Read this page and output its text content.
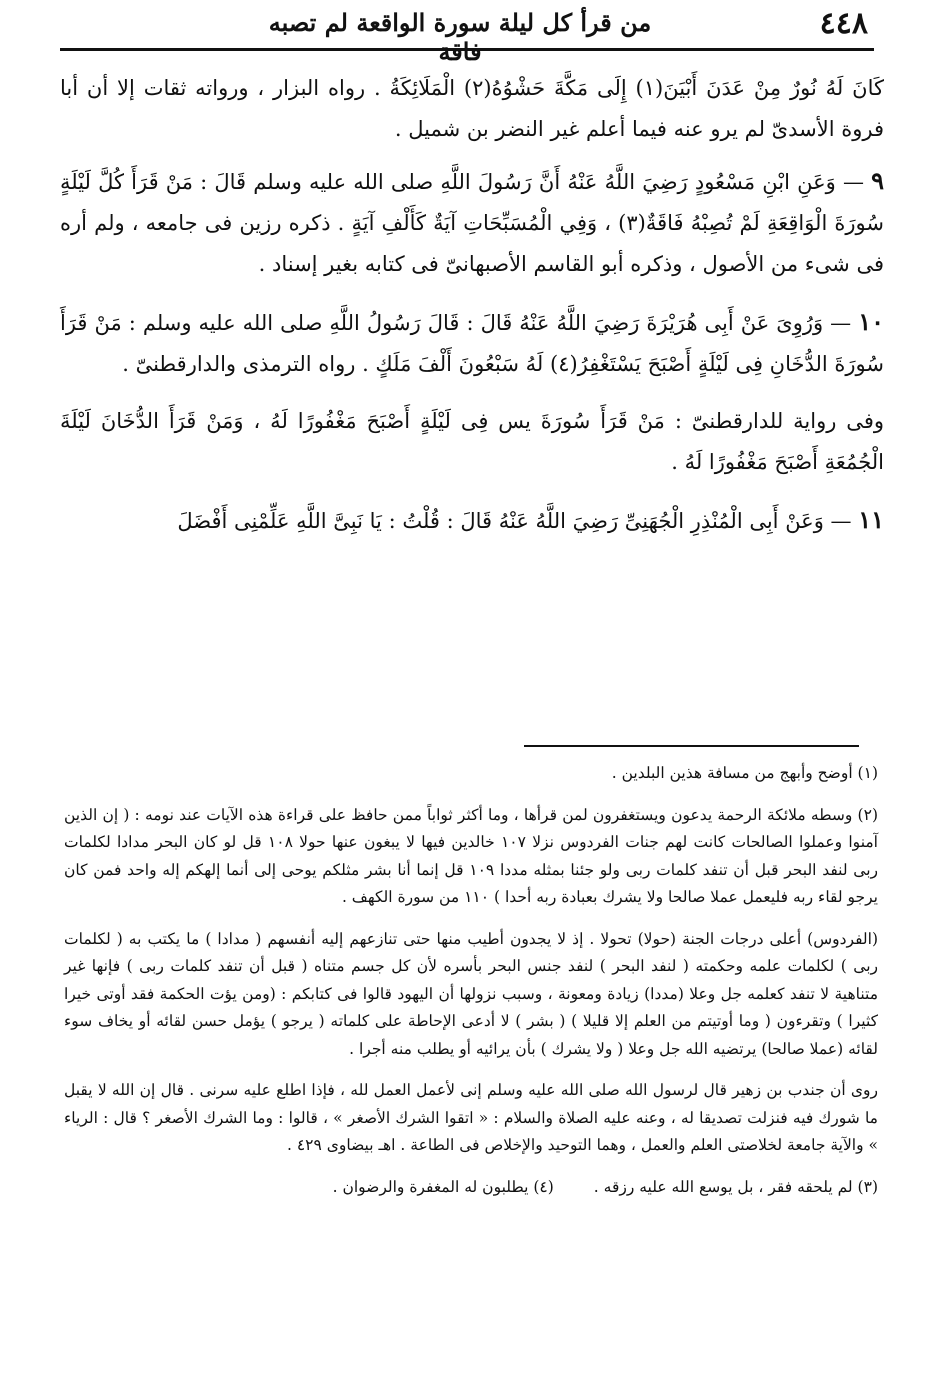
٤٤٨
من قرأ كل ليلة سورة الواقعة لم تصبه فاقة

كَانَ لَهُ نُورٌ مِنْ عَدَنَ أَبْيَنَ(١) إِلَى مَكَّةَ حَشْوُهُ(٢) الْمَلَائِكَةُ . رواه البزار ، ورواته ثقات إلا أن أبا فروة الأسدىّ لم يرو عنه فيما أعلم غير النضر بن شميل .

٩ — وَعَنِ ابْنِ مَسْعُودٍ رَضِيَ اللَّهُ عَنْهُ أَنَّ رَسُولَ اللَّهِ صلى الله عليه وسلم قَالَ : مَنْ قَرَأَ كُلَّ لَيْلَةٍ سُورَةَ الْوَاقِعَةِ لَمْ تُصِبْهُ فَاقَةٌ(٣) ، وَفِي الْمُسَبِّحَاتِ آيَةٌ كَأَلْفِ آيَةٍ . ذكره رزين فى جامعه ، ولم أره فى شىء من الأصول ، وذكره أبو القاسم الأصبهانىّ فى كتابه بغير إسناد .

١٠ — وَرُوِىَ عَنْ أَبِى هُرَيْرَةَ رَضِيَ اللَّهُ عَنْهُ قَالَ : قَالَ رَسُولُ اللَّهِ صلى الله عليه وسلم : مَنْ قَرَأَ سُورَةَ الدُّخَانِ فِى لَيْلَةٍ أَصْبَحَ يَسْتَغْفِرُ(٤) لَهُ سَبْعُونَ أَلْفَ مَلَكٍ . رواه الترمذى والدارقطنىّ .

وفى رواية للدارقطنىّ : مَنْ قَرَأَ سُورَةَ يس فِى لَيْلَةٍ أَصْبَحَ مَغْفُورًا لَهُ ، وَمَنْ قَرَأَ الدُّخَانَ لَيْلَةَ الْجُمُعَةِ أَصْبَحَ مَغْفُورًا لَهُ .

١١ — وَعَنْ أَبِى الْمُنْذِرِ الْجُهَنِىِّ رَضِيَ اللَّهُ عَنْهُ قَالَ : قُلْتُ : يَا نَبِىَّ اللَّهِ عَلِّمْنِى أَفْضَلَ

(١) أوضح وأبهج من مسافة هذين البلدين .

(٢) وسطه ملائكة الرحمة يدعون ويستغفرون لمن قرأها ، وما أكثر ثواباً ممن حافظ على قراءة هذه الآيات عند نومه : ( إن الذين آمنوا وعملوا الصالحات كانت لهم جنات الفردوس نزلا ١٠٧ خالدين فيها لا يبغون عنها حولا ١٠٨ قل لو كان البحر مدادا لكلمات ربى لنفد البحر قبل أن تنفد كلمات ربى ولو جئنا بمثله مددا ١٠٩ قل إنما أنا بشر مثلكم يوحى إلى أنما إلهكم إله واحد فمن كان يرجو لقاء ربه فليعمل عملا صالحا ولا يشرك بعبادة ربه أحدا ) ١١٠ من سورة الكهف .

(الفردوس) أعلى درجات الجنة (حولا) تحولا . إذ لا يجدون أطيب منها حتى تنازعهم إليه أنفسهم ( مدادا ) ما يكتب به ( لكلمات ربى ) لكلمات علمه وحكمته ( لنفد البحر ) لنفد جنس البحر بأسره لأن كل جسم متناه ( قبل أن تنفد كلمات ربى ) فإنها غير متناهية لا تنفد كعلمه جل وعلا (مددا) زيادة ومعونة ، وسبب نزولها أن اليهود قالوا فى كتابكم : (ومن يؤت الحكمة فقد أوتى خيرا كثيرا ) وتقرءون ( وما أوتيتم من العلم إلا قليلا ) ( بشر ) لا أدعى الإحاطة على كلماته ( يرجو ) يؤمل حسن لقائه أو يخاف سوء لقائه (عملا صالحا) يرتضيه الله جل وعلا ( ولا يشرك ) بأن يرائيه أو يطلب منه أجرا .

روى أن جندب بن زهير قال لرسول الله صلى الله عليه وسلم إنى لأعمل العمل لله ، فإذا اطلع عليه سرنى . قال إن الله لا يقبل ما شورك فيه فنزلت تصديقا له ، وعنه عليه الصلاة والسلام : « اتقوا الشرك الأصغر » ، قالوا : وما الشرك الأصغر ؟ قال : الرياء » والآية جامعة لخلاصتى العلم والعمل ، وهما التوحيد والإخلاص فى الطاعة . اهـ بيضاوى ٤٢٩ .

(٣) لم يلحقه فقر ، بل يوسع الله عليه رزقه .
(٤) يطلبون له المغفرة والرضوان .
